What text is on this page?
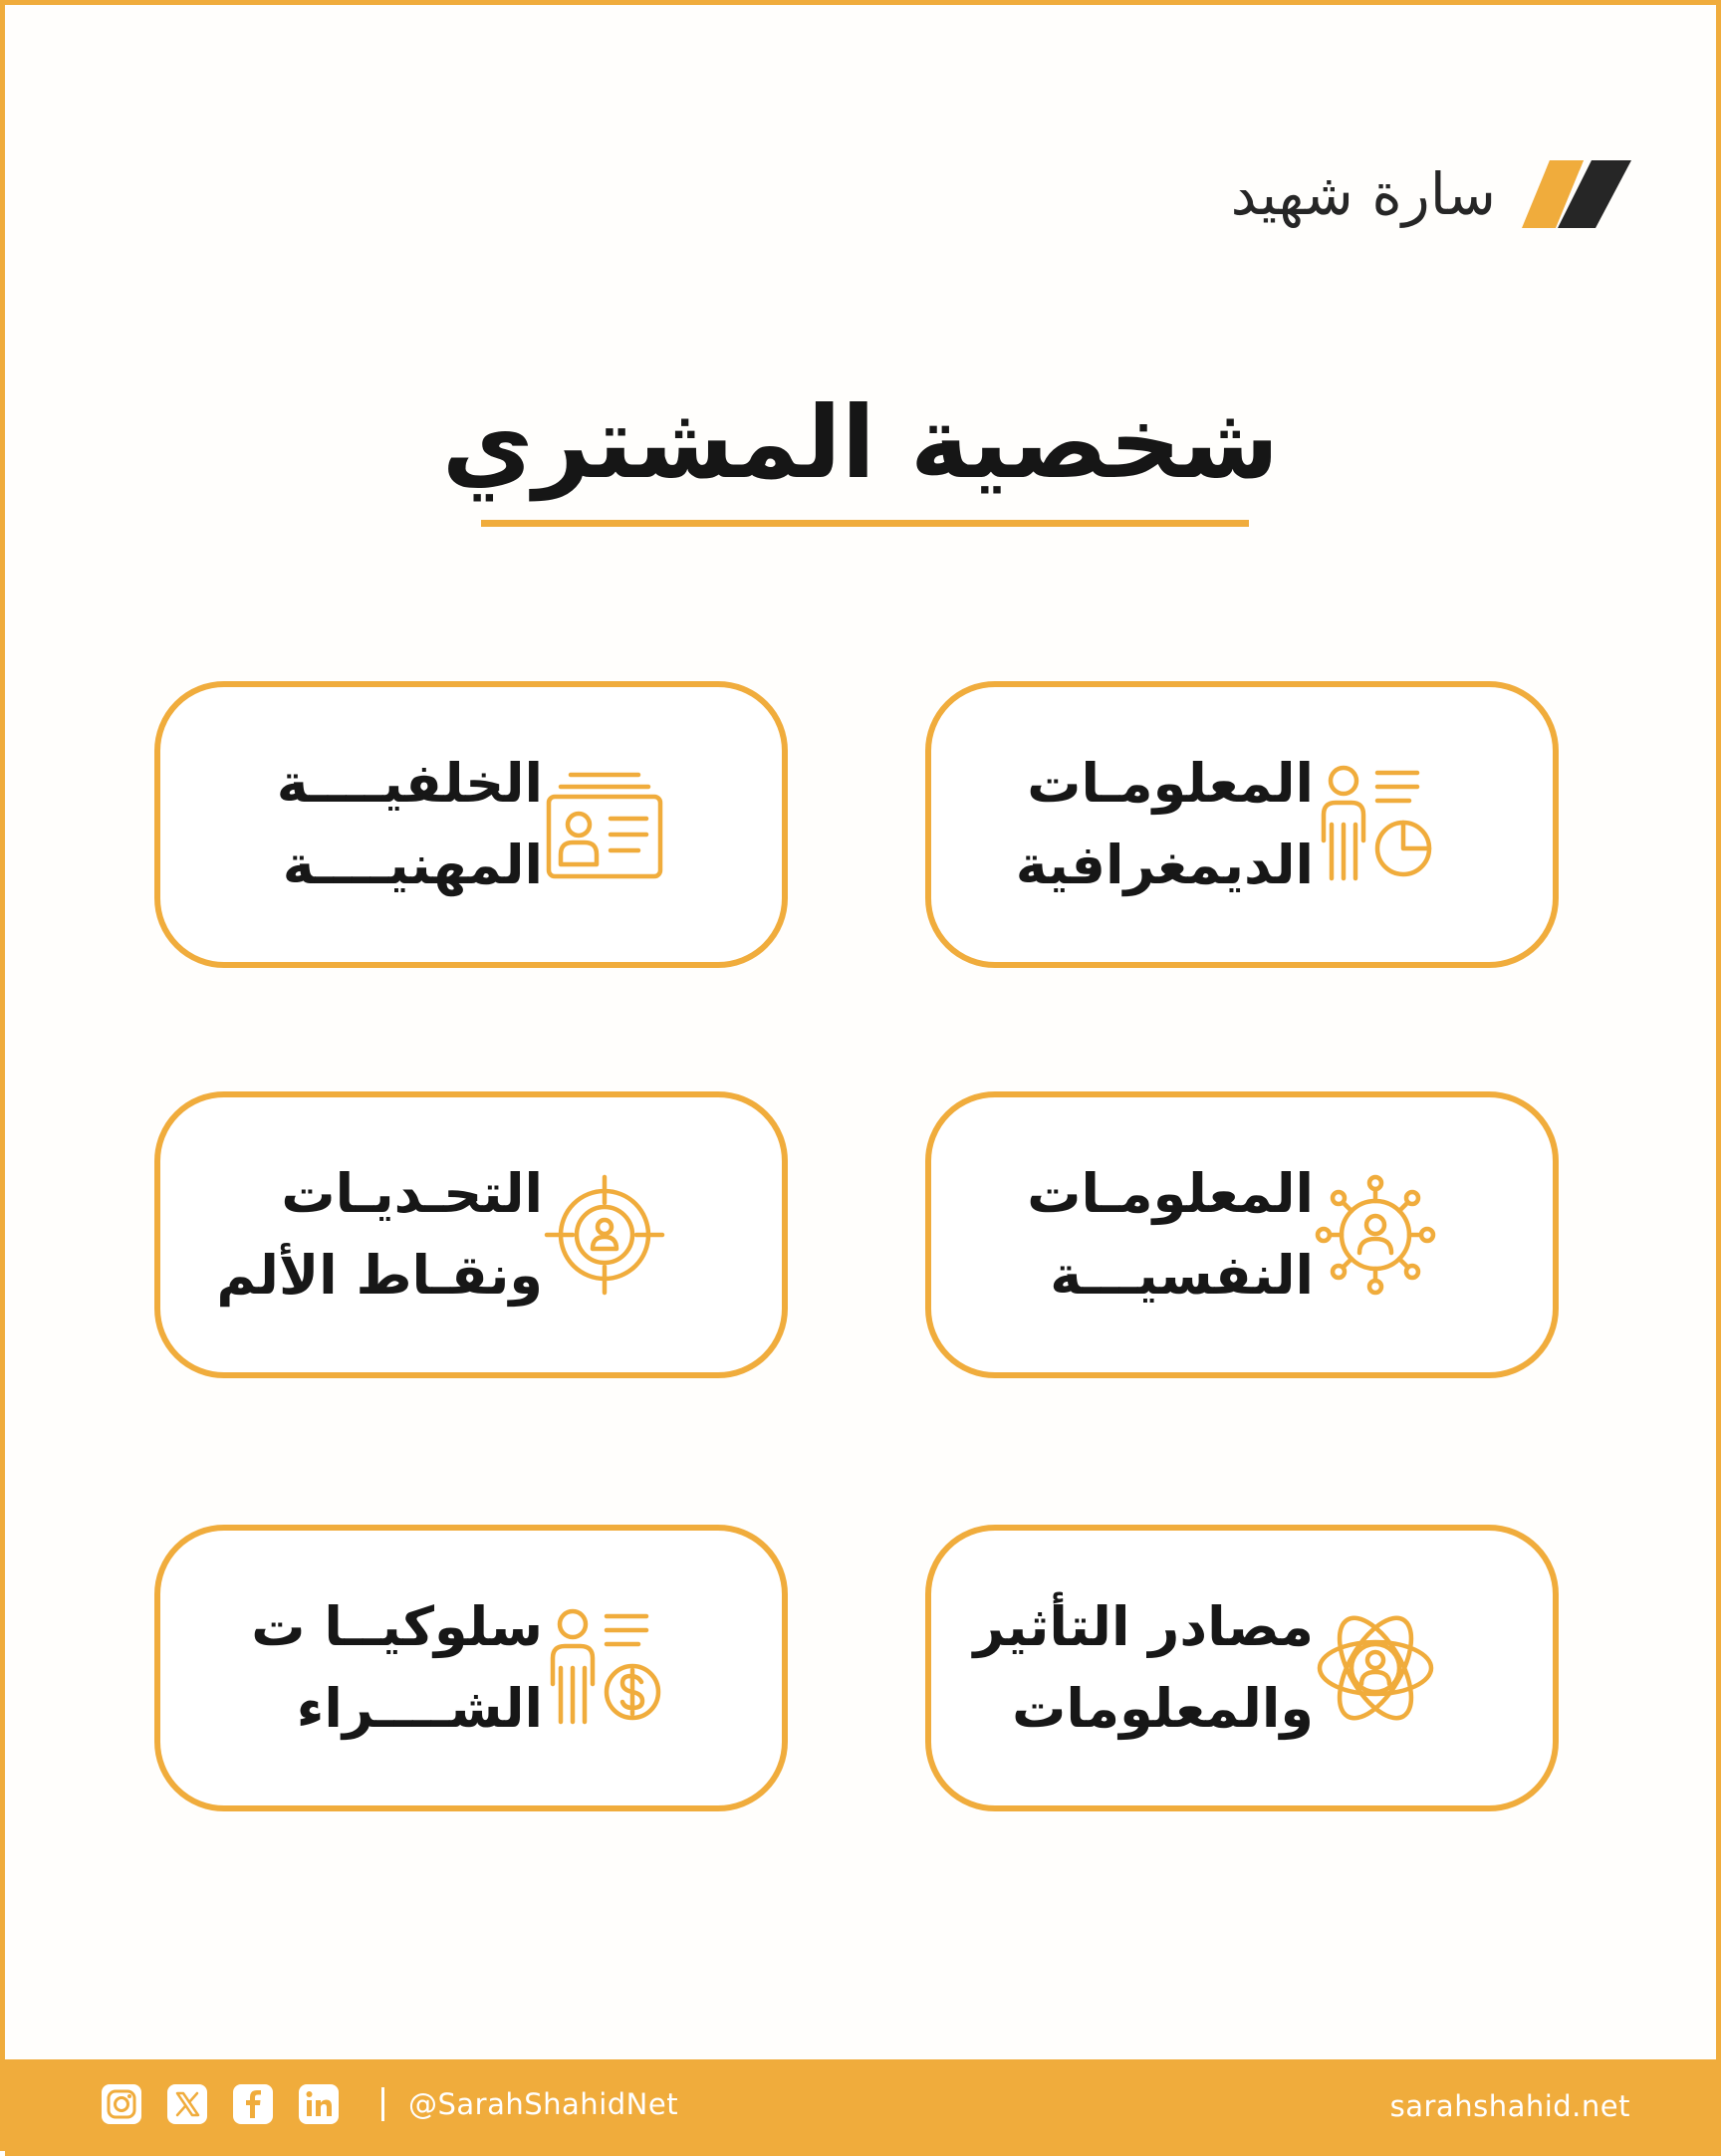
سارة شهيد
شخصية المشتري
المعلومـات
الديمغرافية
الخلفيــــة
المهنيــــة
المعلومـات
النفسيـــة
التحـديـات
ونقـاط الألم
مصادر التأثير
والمعلومات
سلوكيــا ت
الشــــراء
@SarahShahidNet	sarahshahid.net
